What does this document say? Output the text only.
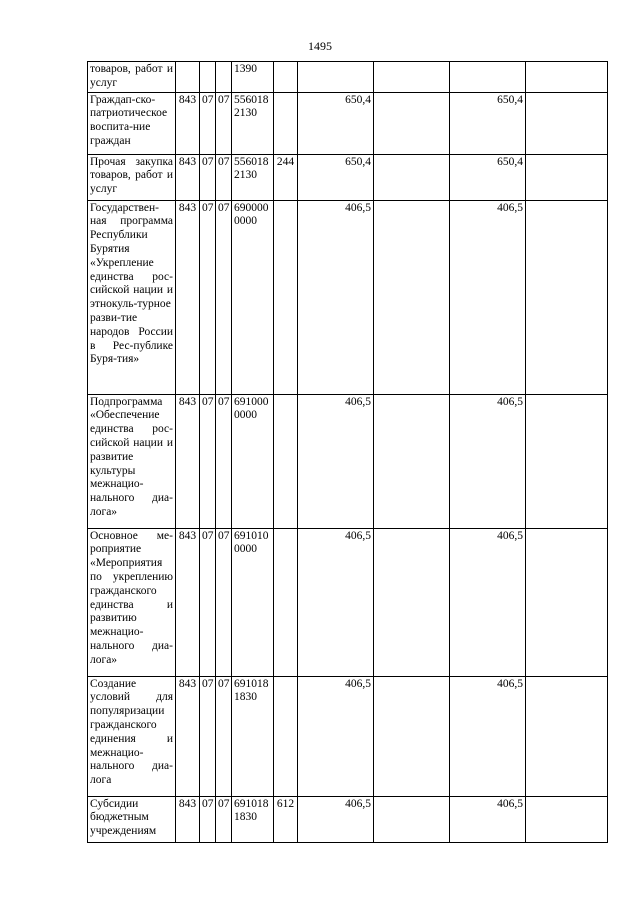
1495
товаров, работ и услуг				1390					
Граждап-ско-патриотическое воспита-ние граждан	843	07	07	5560182130		650,4		650,4	
Прочая закупка товаров, работ и услуг	843	07	07	5560182130	244	650,4		650,4	
Государствен-ная программа Республики Бурятия «Укрепление единства рос-сийской нации и этнокуль-турное разви-тие народов России в Рес-публике Буря-тия»	843	07	07	6900000000		406,5		406,5	
Подпрограмма «Обеспечение единства рос-сийской нации и развитие культуры межнацио-нального диа-лога»	843	07	07	6910000000		406,5		406,5	
Основное ме-роприятие «Мероприятия по укреплению гражданского единства и развитию межнацио-нального диа-лога»	843	07	07	6910100000		406,5		406,5	
Создание условий для популяризации гражданского единения и межнацио-нального диа-лога	843	07	07	6910181830		406,5		406,5	
Субсидии бюджетным учреждениям	843	07	07	6910181830	612	406,5		406,5	
